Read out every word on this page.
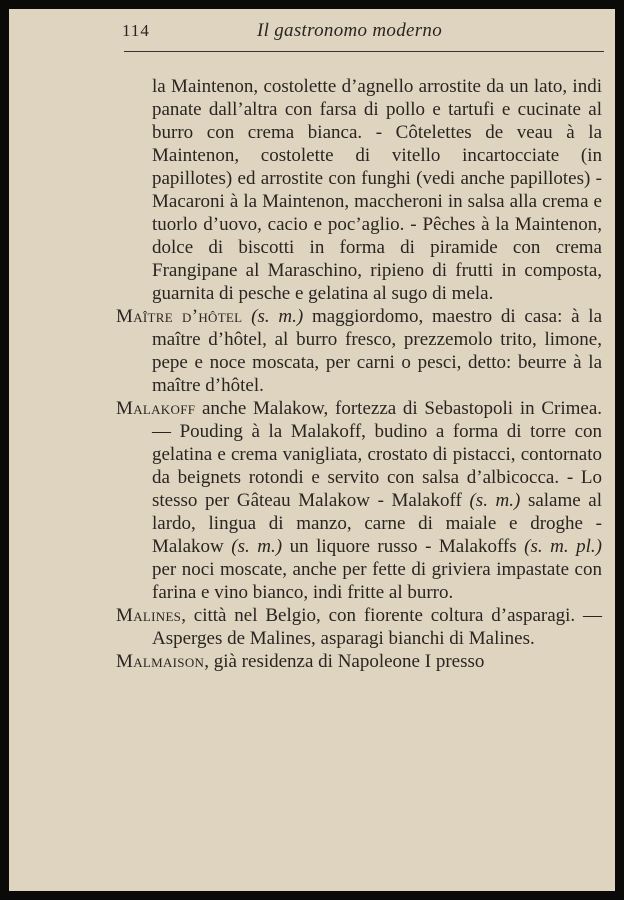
114	Il gastronomo moderno

la Maintenon, costolette d’agnello arrostite da un lato, indi panate dall’altra con farsa di pollo e tartufi e cucinate al burro con crema bianca. - Côtelettes de veau à la Maintenon, costolette di vitello incartocciate (in papillotes) ed arrostite con funghi (vedi anche papillotes) - Macaroni à la Maintenon, maccheroni in salsa alla crema e tuorlo d’uovo, cacio e poc’aglio. - Pêches à la Maintenon, dolce di biscotti in forma di piramide con crema Frangipane al Maraschino, ripieno di frutti in composta, guarnita di pesche e gelatina al sugo di mela.

Maître d’hôtel (s. m.) maggiordomo, maestro di casa: à la maître d’hôtel, al burro fresco, prezzemolo trito, limone, pepe e noce moscata, per carni o pesci, detto: beurre à la maître d’hôtel.

Malakoff anche Malakow, fortezza di Sebastopoli in Crimea. — Pouding à la Malakoff, budino a forma di torre con gelatina e crema vanigliata, crostato di pistacci, contornato da beignets rotondi e servito con salsa d’albicocca. - Lo stesso per Gâteau Malakow - Malakoff (s. m.) salame al lardo, lingua di manzo, carne di maiale e droghe - Malakow (s. m.) un liquore russo - Malakoffs (s. m. pl.) per noci moscate, anche per fette di griviera impastate con farina e vino bianco, indi fritte al burro.

Malines, città nel Belgio, con fiorente coltura d’asparagi. — Asperges de Malines, asparagi bianchi di Malines.

Malmaison, già residenza di Napoleone I presso
